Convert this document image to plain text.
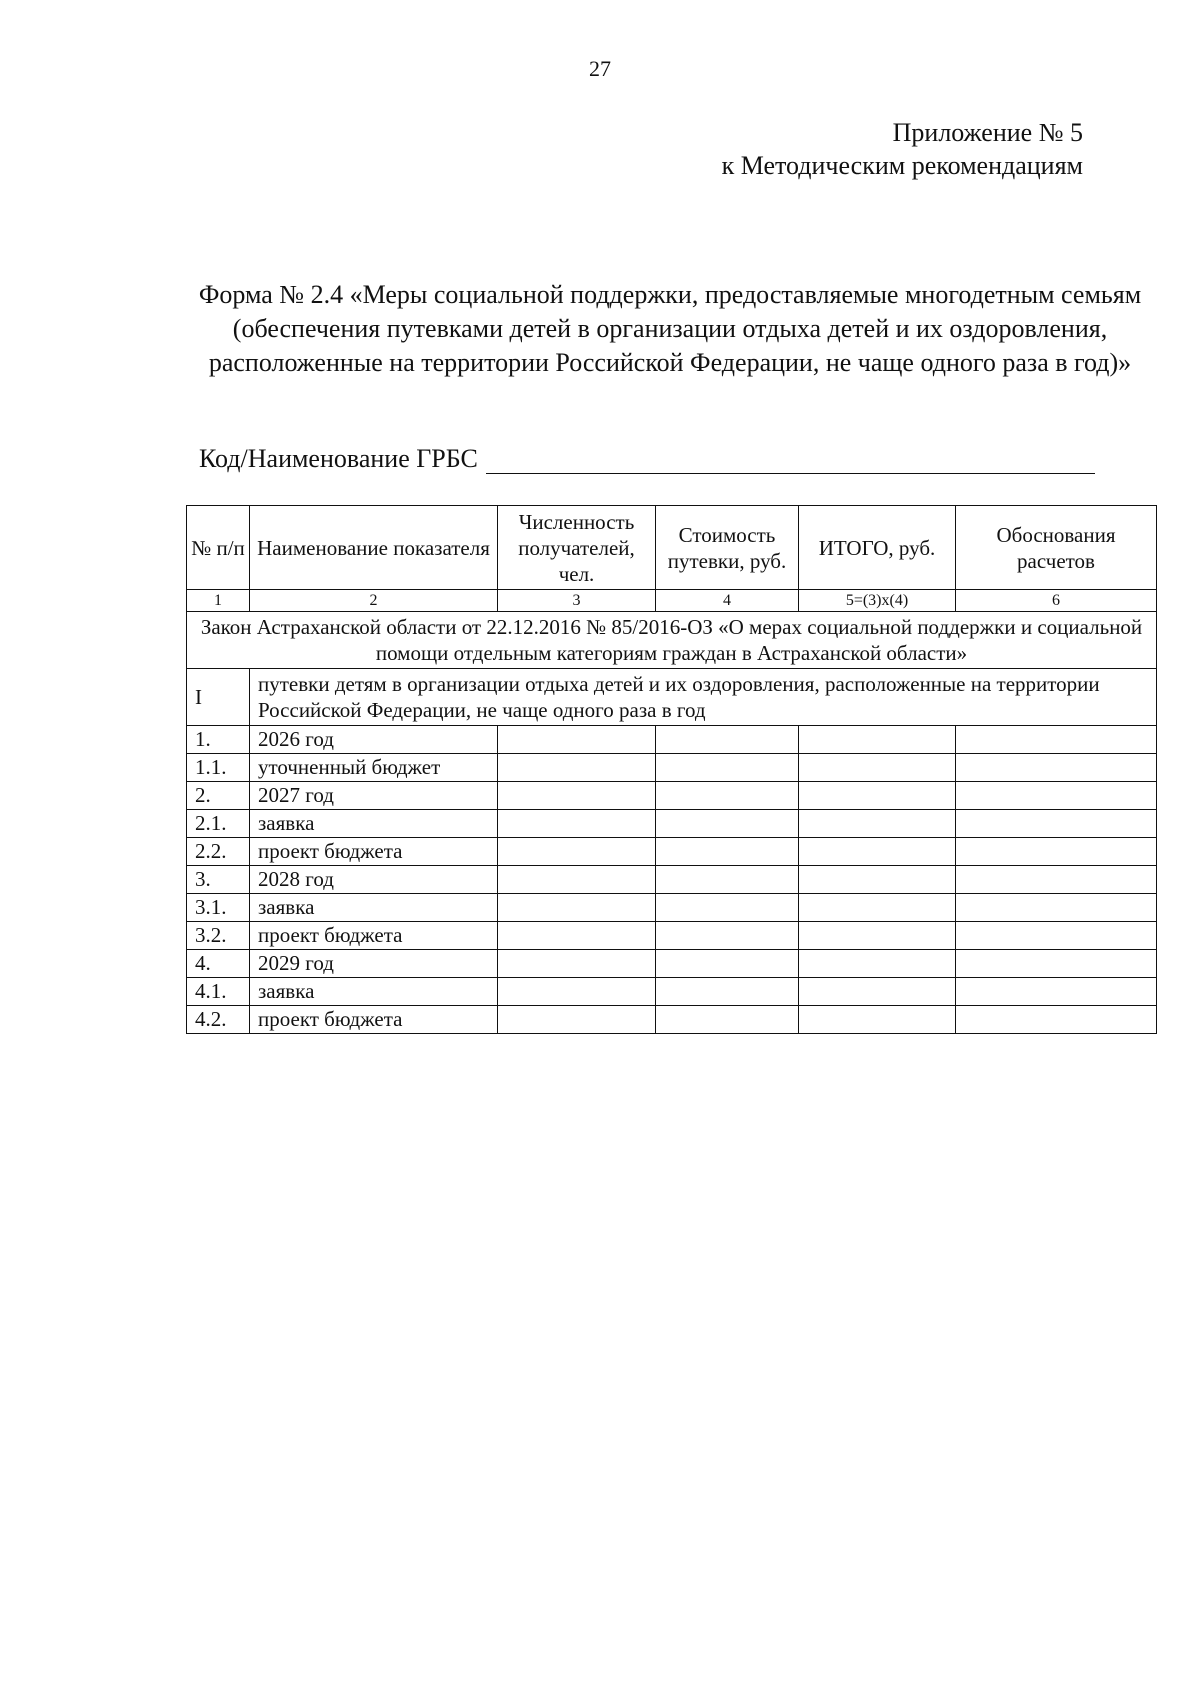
27
Приложение № 5
к Методическим рекомендациям
Форма № 2.4 «Меры социальной поддержки, предоставляемые многодетным семьям (обеспечения путевками детей в организации отдыха детей и их оздоровления, расположенные на территории Российской Федерации, не чаще одного раза в год)»
Код/Наименование ГРБС
№ п/п	Наименование показателя	Численность получателей, чел.	Стоимость путевки, руб.	ИТОГО, руб.	Обоснования расчетов
1	2	3	4	5=(3)х(4)	6
Закон Астраханской области от 22.12.2016 № 85/2016-ОЗ «О мерах социальной поддержки и социальной помощи отдельным категориям граждан в Астраханской области»					
I	путевки детям в организации отдыха детей и их оздоровления, расположенные на территории Российской Федерации, не чаще одного раза в год				
1.	2026 год				
1.1.	уточненный бюджет				
2.	2027 год				
2.1.	заявка				
2.2.	проект бюджета				
3.	2028 год				
3.1.	заявка				
3.2.	проект бюджета				
4.	2029 год				
4.1.	заявка				
4.2.	проект бюджета				
